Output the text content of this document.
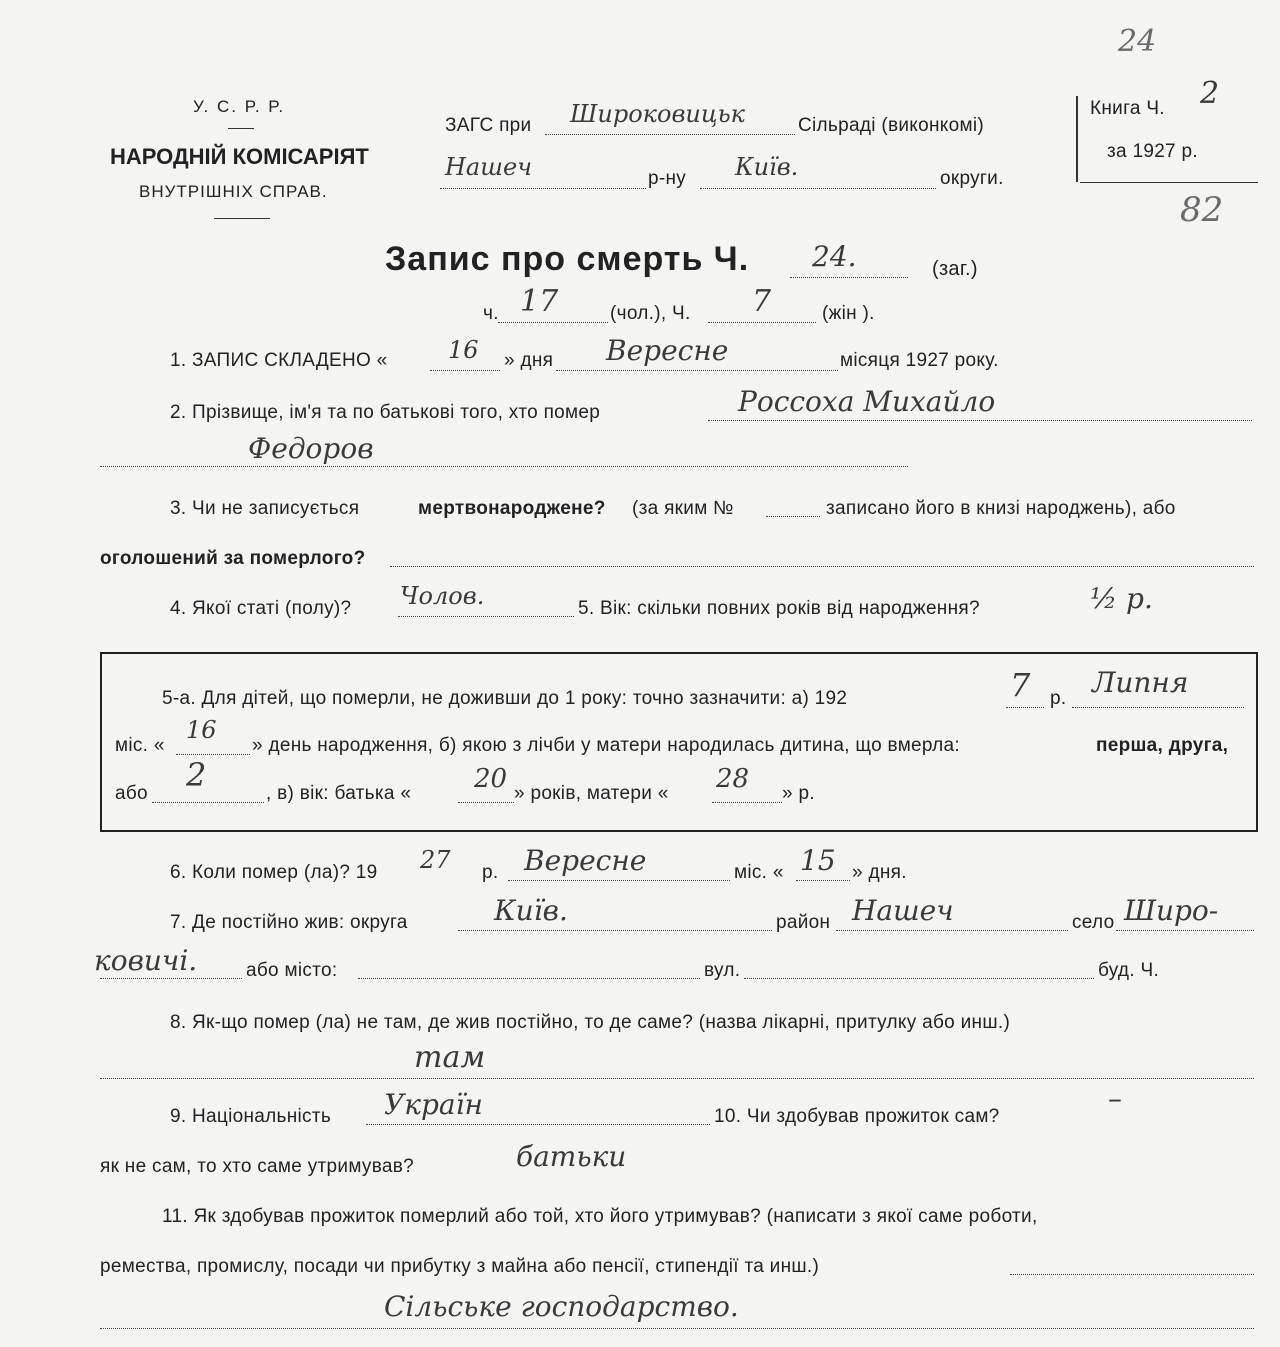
У. С. Р. Р.
НАРОДНІЙ КОМІСАРІЯТ
ВНУТРІШНІХ СПРАВ.
ЗАГС при Широковицьк	Сільраді (виконкомі)
Нашеч	р-ну Київ.	округи.
Книга Ч. 2
за 1927 р.
24
82
Запис про смерть Ч. 24.	(заг.)
ч. 17	(чол.), Ч. 7	(жін ).
1. ЗАПИС СКЛАДЕНО «	16 » дня Вересне	місяця 1927 року.
2. Прізвище, ім'я та по батькові того, хто помер	Россоха Михайло
Федоров
3. Чи не записується	мертвонароджене? (за яким №	записано його в книзі народжень), або
оголошений за померлого?
4. Якої статі (полу)? Чолов.	5. Вік: скільки повних років від народження?	½ р.
5-а. Для дітей, що померли, не доживши до 1 року: точно зазначити: а) 192	7 р. Липня
міс. «
16
» день народження, б) якою з лічби у матери народилась дитина, що вмерла:	перша, друга,
або 2	, в) вік: батька « 20 » років, матери « 28 » р.
6. Коли помер (ла)? 19 27 р. Вересне	міс. « 15 » дня.
7. Де постійно жив: округа	Київ.	район Нашеч	село Широ-
ковичі.	або місто:	вул.	буд. Ч.
8. Як-що помер (ла) не там, де жив постійно, то де саме? (назва лікарні, притулку або инш.)
там
9. Національність Україн	10. Чи здобував прожиток сам?
–
як не сам, то хто саме утримував?	батьки
11. Як здобував прожиток померлий або той, хто його утримував? (написати з якої саме роботи,
ремества, промислу, посади чи прибутку з майна або пенсії, стипендії та инш.)
Сільське господарство.
